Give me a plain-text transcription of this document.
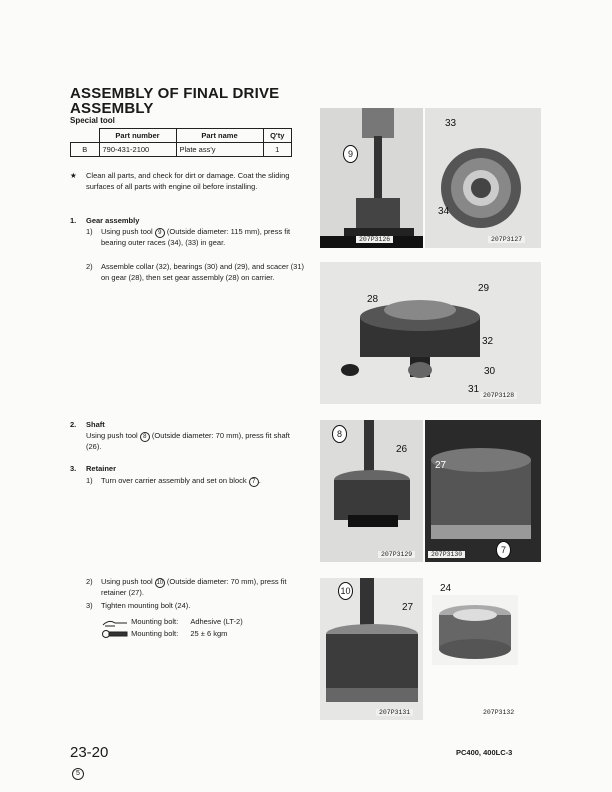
ASSEMBLY OF FINAL DRIVE ASSEMBLY
Special tool
	Part number	Part name	Q'ty
B	790-431-2100	Plate ass'y	1
★ Clean all parts, and check for dirt or damage. Coat the sliding surfaces of all parts with engine oil before installing.
1. Gear assembly
1) Using push tool 9 (Outside diameter: 115 mm), press fit bearing outer races (34), (33) in gear.
2) Assemble collar (32), bearings (30) and (29), and scacer (31) on gear (28), then set gear assembly (28) on carrier.
2. Shaft
Using push tool 8 (Outside diameter: 70 mm), press fit shaft (26).
3. Retainer
1) Turn over carrier assembly and set on block 7 .
2) Using push tool 10 (Outside diameter: 70 mm), press fit retainer (27).
3) Tighten mounting bolt (24).
Mounting bolt: Adhesive (LT-2)
Mounting bolt: 25 ± 6 kgm
9
207P3126
33
34
207P3127
28
29
32
30
31
207P3128
8
26
207P3129
27
7
207P3130
10
27
207P3131
24
207P3132
23-20
5
PC400, 400LC-3
